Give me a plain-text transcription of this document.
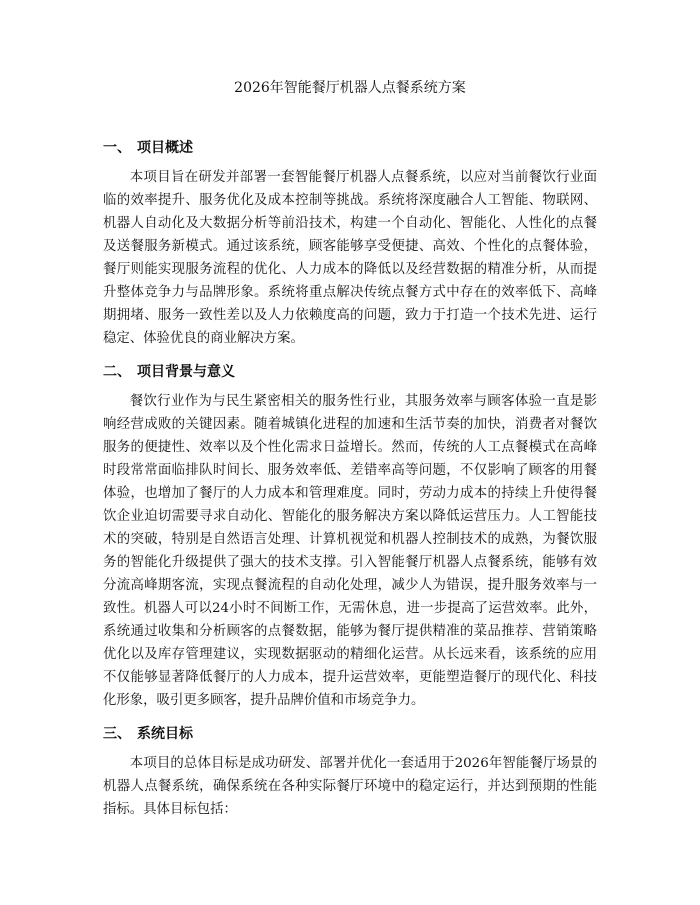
2026年智能餐厅机器人点餐系统方案
一、 项目概述

本项目旨在研发并部署一套智能餐厅机器人点餐系统，以应对当前餐饮行业面临的效率提升、服务优化及成本控制等挑战。系统将深度融合人工智能、物联网、机器人自动化及大数据分析等前沿技术，构建一个自动化、智能化、人性化的点餐及送餐服务新模式。通过该系统，顾客能够享受便捷、高效、个性化的点餐体验，餐厅则能实现服务流程的优化、人力成本的降低以及经营数据的精准分析，从而提升整体竞争力与品牌形象。系统将重点解决传统点餐方式中存在的效率低下、高峰期拥堵、服务一致性差以及人力依赖度高的问题，致力于打造一个技术先进、运行稳定、体验优良的商业解决方案。

二、 项目背景与意义

餐饮行业作为与民生紧密相关的服务性行业，其服务效率与顾客体验一直是影响经营成败的关键因素。随着城镇化进程的加速和生活节奏的加快，消费者对餐饮服务的便捷性、效率以及个性化需求日益增长。然而，传统的人工点餐模式在高峰时段常常面临排队时间长、服务效率低、差错率高等问题，不仅影响了顾客的用餐体验，也增加了餐厅的人力成本和管理难度。同时，劳动力成本的持续上升使得餐饮企业迫切需要寻求自动化、智能化的服务解决方案以降低运营压力。人工智能技术的突破，特别是自然语言处理、计算机视觉和机器人控制技术的成熟，为餐饮服务的智能化升级提供了强大的技术支撑。引入智能餐厅机器人点餐系统，能够有效分流高峰期客流，实现点餐流程的自动化处理，减少人为错误，提升服务效率与一致性。机器人可以24小时不间断工作，无需休息，进一步提高了运营效率。此外，系统通过收集和分析顾客的点餐数据，能够为餐厅提供精准的菜品推荐、营销策略优化以及库存管理建议，实现数据驱动的精细化运营。从长远来看，该系统的应用不仅能够显著降低餐厅的人力成本，提升运营效率，更能塑造餐厅的现代化、科技化形象，吸引更多顾客，提升品牌价值和市场竞争力。

三、 系统目标

本项目的总体目标是成功研发、部署并优化一套适用于2026年智能餐厅场景的机器人点餐系统，确保系统在各种实际餐厅环境中的稳定运行，并达到预期的性能指标。具体目标包括：
